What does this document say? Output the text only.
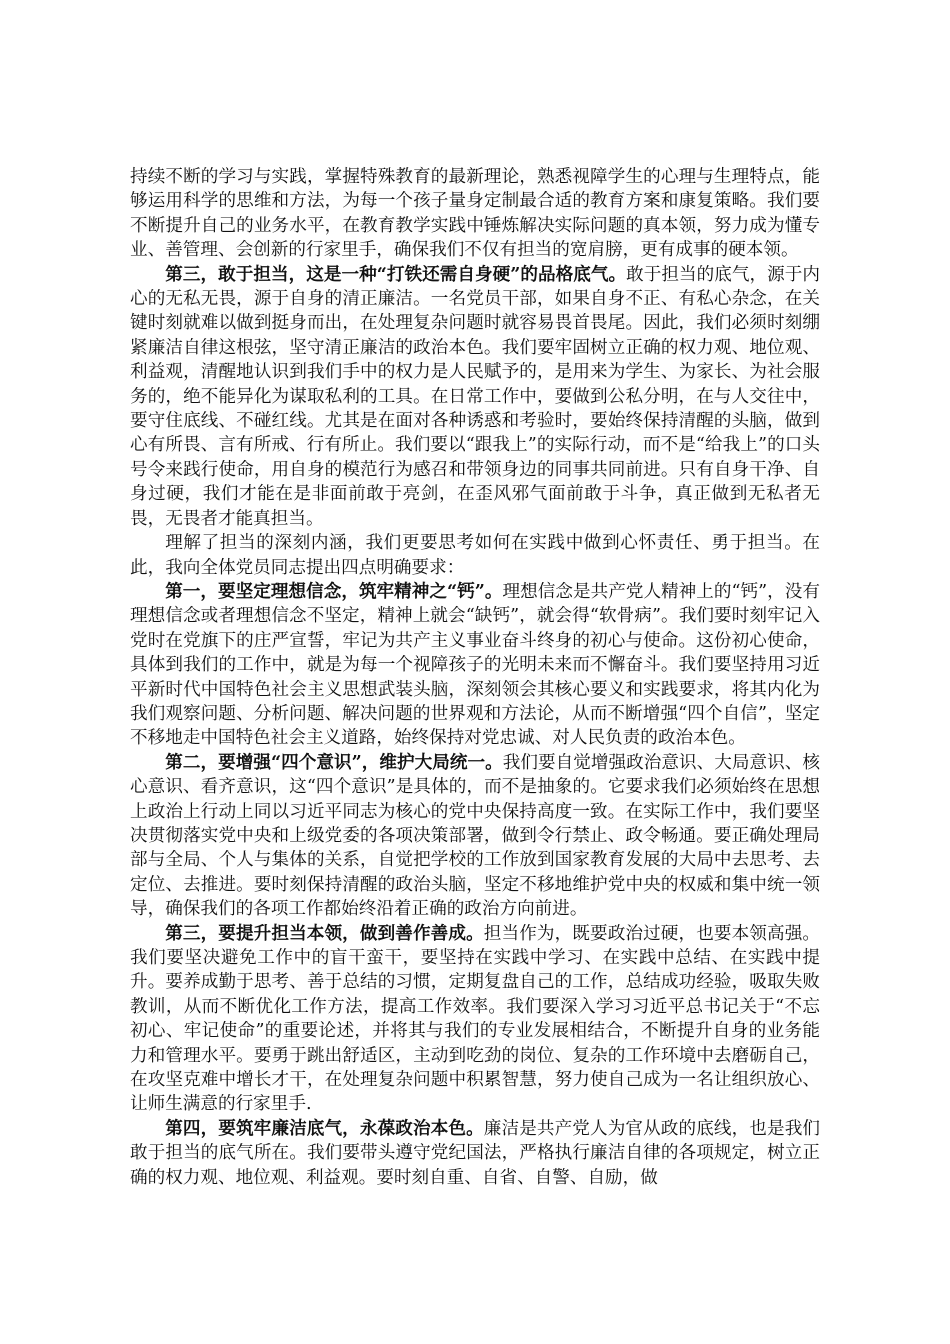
持续不断的学习与实践，掌握特殊教育的最新理论，熟悉视障学生的心理与生理特点，能够运用科学的思维和方法，为每一个孩子量身定制最合适的教育方案和康复策略。我们要不断提升自己的业务水平，在教育教学实践中锤炼解决实际问题的真本领，努力成为懂专业、善管理、会创新的行家里手，确保我们不仅有担当的宽肩膀，更有成事的硬本领。

第三，敢于担当，这是一种“打铁还需自身硬”的品格底气。敢于担当的底气，源于内心的无私无畏，源于自身的清正廉洁。一名党员干部，如果自身不正、有私心杂念，在关键时刻就难以做到挺身而出，在处理复杂问题时就容易畏首畏尾。因此，我们必须时刻绷紧廉洁自律这根弦，坚守清正廉洁的政治本色。我们要牢固树立正确的权力观、地位观、利益观，清醒地认识到我们手中的权力是人民赋予的，是用来为学生、为家长、为社会服务的，绝不能异化为谋取私利的工具。在日常工作中，要做到公私分明，在与人交往中，要守住底线、不碰红线。尤其是在面对各种诱惑和考验时，要始终保持清醒的头脑，做到心有所畏、言有所戒、行有所止。我们要以“跟我上”的实际行动，而不是“给我上”的口头号令来践行使命，用自身的模范行为感召和带领身边的同事共同前进。只有自身干净、自身过硬，我们才能在是非面前敢于亮剑，在歪风邪气面前敢于斗争，真正做到无私者无畏，无畏者才能真担当。

理解了担当的深刻内涵，我们更要思考如何在实践中做到心怀责任、勇于担当。在此，我向全体党员同志提出四点明确要求：

第一，要坚定理想信念，筑牢精神之“钙”。理想信念是共产党人精神上的“钙”，没有理想信念或者理想信念不坚定，精神上就会“缺钙”，就会得“软骨病”。我们要时刻牢记入党时在党旗下的庄严宣誓，牢记为共产主义事业奋斗终身的初心与使命。这份初心使命，具体到我们的工作中，就是为每一个视障孩子的光明未来而不懈奋斗。我们要坚持用习近平新时代中国特色社会主义思想武装头脑，深刻领会其核心要义和实践要求，将其内化为我们观察问题、分析问题、解决问题的世界观和方法论，从而不断增强“四个自信”，坚定不移地走中国特色社会主义道路，始终保持对党忠诚、对人民负责的政治本色。

第二，要增强“四个意识”，维护大局统一。我们要自觉增强政治意识、大局意识、核心意识、看齐意识，这“四个意识”是具体的，而不是抽象的。它要求我们必须始终在思想上政治上行动上同以习近平同志为核心的党中央保持高度一致。在实际工作中，我们要坚决贯彻落实党中央和上级党委的各项决策部署，做到令行禁止、政令畅通。要正确处理局部与全局、个人与集体的关系，自觉把学校的工作放到国家教育发展的大局中去思考、去定位、去推进。要时刻保持清醒的政治头脑，坚定不移地维护党中央的权威和集中统一领导，确保我们的各项工作都始终沿着正确的政治方向前进。

第三，要提升担当本领，做到善作善成。担当作为，既要政治过硬，也要本领高强。我们要坚决避免工作中的盲干蛮干，要坚持在实践中学习、在实践中总结、在实践中提升。要养成勤于思考、善于总结的习惯，定期复盘自己的工作，总结成功经验，吸取失败教训，从而不断优化工作方法，提高工作效率。我们要深入学习习近平总书记关于“不忘初心、牢记使命”的重要论述，并将其与我们的专业发展相结合，不断提升自身的业务能力和管理水平。要勇于跳出舒适区，主动到吃劲的岗位、复杂的工作环境中去磨砺自己，在攻坚克难中增长才干，在处理复杂问题中积累智慧，努力使自己成为一名让组织放心、让师生满意的行家里手.

第四，要筑牢廉洁底气，永葆政治本色。廉洁是共产党人为官从政的底线，也是我们敢于担当的底气所在。我们要带头遵守党纪国法，严格执行廉洁自律的各项规定，树立正确的权力观、地位观、利益观。要时刻自重、自省、自警、自励，做
